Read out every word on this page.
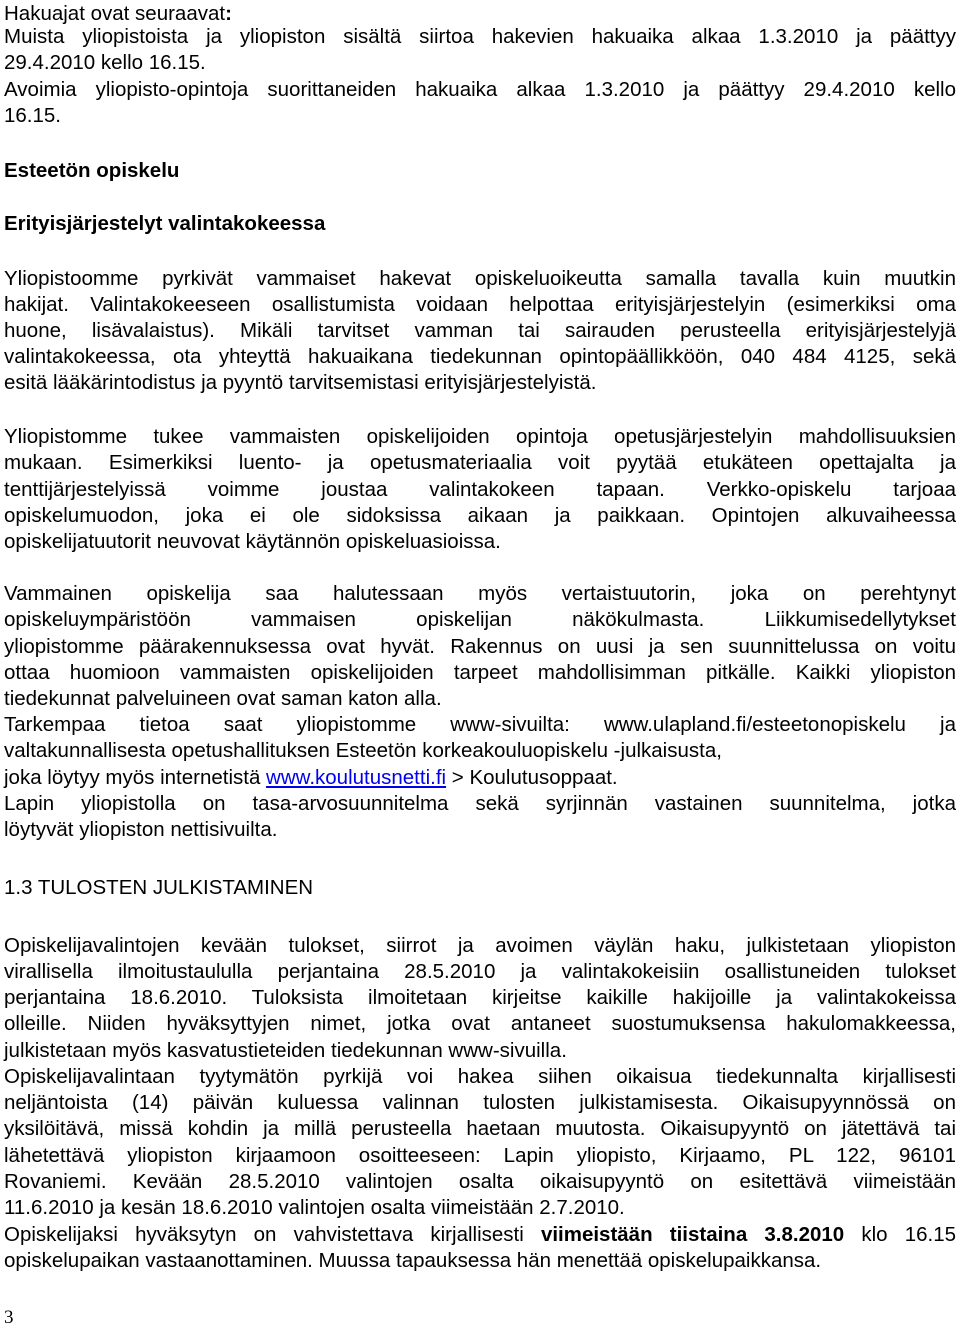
Hakuajat ovat seuraavat:
Muista yliopistoista ja yliopiston sisältä siirtoa hakevien hakuaika alkaa 1.3.2010 ja päättyy
29.4.2010 kello 16.15.
Avoimia yliopisto-opintoja suorittaneiden hakuaika alkaa 1.3.2010 ja päättyy 29.4.2010 kello
16.15.
Esteetön opiskelu
Erityisjärjestelyt valintakokeessa
Yliopistoomme pyrkivät vammaiset hakevat opiskeluoikeutta samalla tavalla kuin muutkin
hakijat. Valintakokeeseen osallistumista voidaan helpottaa erityisjärjestelyin (esimerkiksi oma
huone, lisävalaistus). Mikäli tarvitset vamman tai sairauden perusteella erityisjärjestelyjä
valintakokeessa, ota yhteyttä hakuaikana tiedekunnan opintopäällikköön, 040 484 4125, sekä
esitä lääkärintodistus ja pyyntö tarvitsemistasi erityisjärjestelyistä.
Yliopistomme tukee vammaisten opiskelijoiden opintoja opetusjärjestelyin mahdollisuuksien
mukaan. Esimerkiksi luento- ja opetusmateriaalia voit pyytää etukäteen opettajalta ja
tenttijärjestelyissä voimme joustaa valintakokeen tapaan. Verkko-opiskelu tarjoaa
opiskelumuodon, joka ei ole sidoksissa aikaan ja paikkaan. Opintojen alkuvaiheessa
opiskelijatuutorit neuvovat käytännön opiskeluasioissa.
Vammainen opiskelija saa halutessaan myös vertaistuutorin, joka on perehtynyt
opiskeluympäristöön vammaisen opiskelijan näkökulmasta. Liikkumisedellytykset
yliopistomme päärakennuksessa ovat hyvät. Rakennus on uusi ja sen suunnittelussa on voitu
ottaa huomioon vammaisten opiskelijoiden tarpeet mahdollisimman pitkälle. Kaikki yliopiston
tiedekunnat palveluineen ovat saman katon alla.
Tarkempaa tietoa saat yliopistomme www-sivuilta: www.ulapland.fi/esteetonopiskelu ja
valtakunnallisesta opetushallituksen Esteetön korkeakouluopiskelu -julkaisusta,
joka löytyy myös internetistä www.koulutusnetti.fi > Koulutusoppaat.
Lapin yliopistolla on tasa-arvosuunnitelma sekä syrjinnän vastainen suunnitelma, jotka
löytyvät yliopiston nettisivuilta.
1.3 TULOSTEN JULKISTAMINEN
Opiskelijavalintojen kevään tulokset, siirrot ja avoimen väylän haku, julkistetaan yliopiston
virallisella ilmoitustaululla perjantaina 28.5.2010 ja valintakokeisiin osallistuneiden tulokset
perjantaina 18.6.2010. Tuloksista ilmoitetaan kirjeitse kaikille hakijoille ja valintakokeissa
olleille. Niiden hyväksyttyjen nimet, jotka ovat antaneet suostumuksensa hakulomakkeessa,
julkistetaan myös kasvatustieteiden tiedekunnan www-sivuilla.
Opiskelijavalintaan tyytymätön pyrkijä voi hakea siihen oikaisua tiedekunnalta kirjallisesti
neljäntoista (14) päivän kuluessa valinnan tulosten julkistamisesta. Oikaisupyynnössä on
yksilöitävä, missä kohdin ja millä perusteella haetaan muutosta. Oikaisupyyntö on jätettävä tai
lähetettävä yliopiston kirjaamoon osoitteeseen: Lapin yliopisto, Kirjaamo, PL 122, 96101
Rovaniemi. Kevään 28.5.2010 valintojen osalta oikaisupyyntö on esitettävä viimeistään
11.6.2010 ja kesän 18.6.2010 valintojen osalta viimeistään 2.7.2010.
Opiskelijaksi hyväksytyn on vahvistettava kirjallisesti viimeistään tiistaina 3.8.2010 klo 16.15
opiskelupaikan vastaanottaminen. Muussa tapauksessa hän menettää opiskelupaikkansa.
3
